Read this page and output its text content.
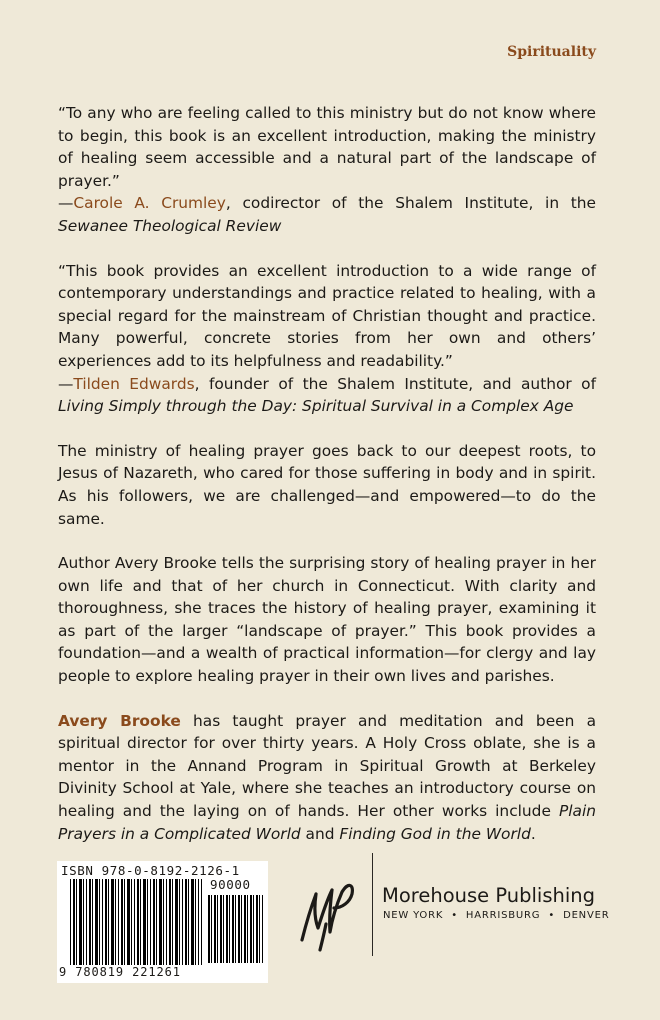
Spirituality

“To any who are feeling called to this ministry but do not know where to begin, this book is an excellent introduction, making the ministry of healing seem accessible and a natural part of the landscape of prayer.”
—Carole A. Crumley, codirector of the Shalem Institute, in the Sewanee Theological Review

“This book provides an excellent introduction to a wide range of contemporary understandings and practice related to healing, with a special regard for the mainstream of Christian thought and practice. Many powerful, concrete stories from her own and others’ experiences add to its helpfulness and readability.”
—Tilden Edwards, founder of the Shalem Institute, and author of Living Simply through the Day: Spiritual Survival in a Complex Age

The ministry of healing prayer goes back to our deepest roots, to Jesus of Nazareth, who cared for those suffering in body and in spirit. As his followers, we are challenged—and empowered—to do the same.

Author Avery Brooke tells the surprising story of healing prayer in her own life and that of her church in Connecticut. With clarity and thoroughness, she traces the history of healing prayer, examining it as part of the larger “landscape of prayer.” This book provides a foundation—and a wealth of practical information—for clergy and lay people to explore healing prayer in their own lives and parishes.

Avery Brooke has taught prayer and meditation and been a spiritual director for over thirty years. A Holy Cross oblate, she is a mentor in the Annand Program in Spiritual Growth at Berkeley Divinity School at Yale, where she teaches an introductory course on healing and the laying on of hands. Her other works include Plain Prayers in a Complicated World and Finding God in the World.

ISBN 978-0-8192-2126-1
90000
9 780819 221261
Morehouse Publishing
NEW YORK • HARRISBURG • DENVER
